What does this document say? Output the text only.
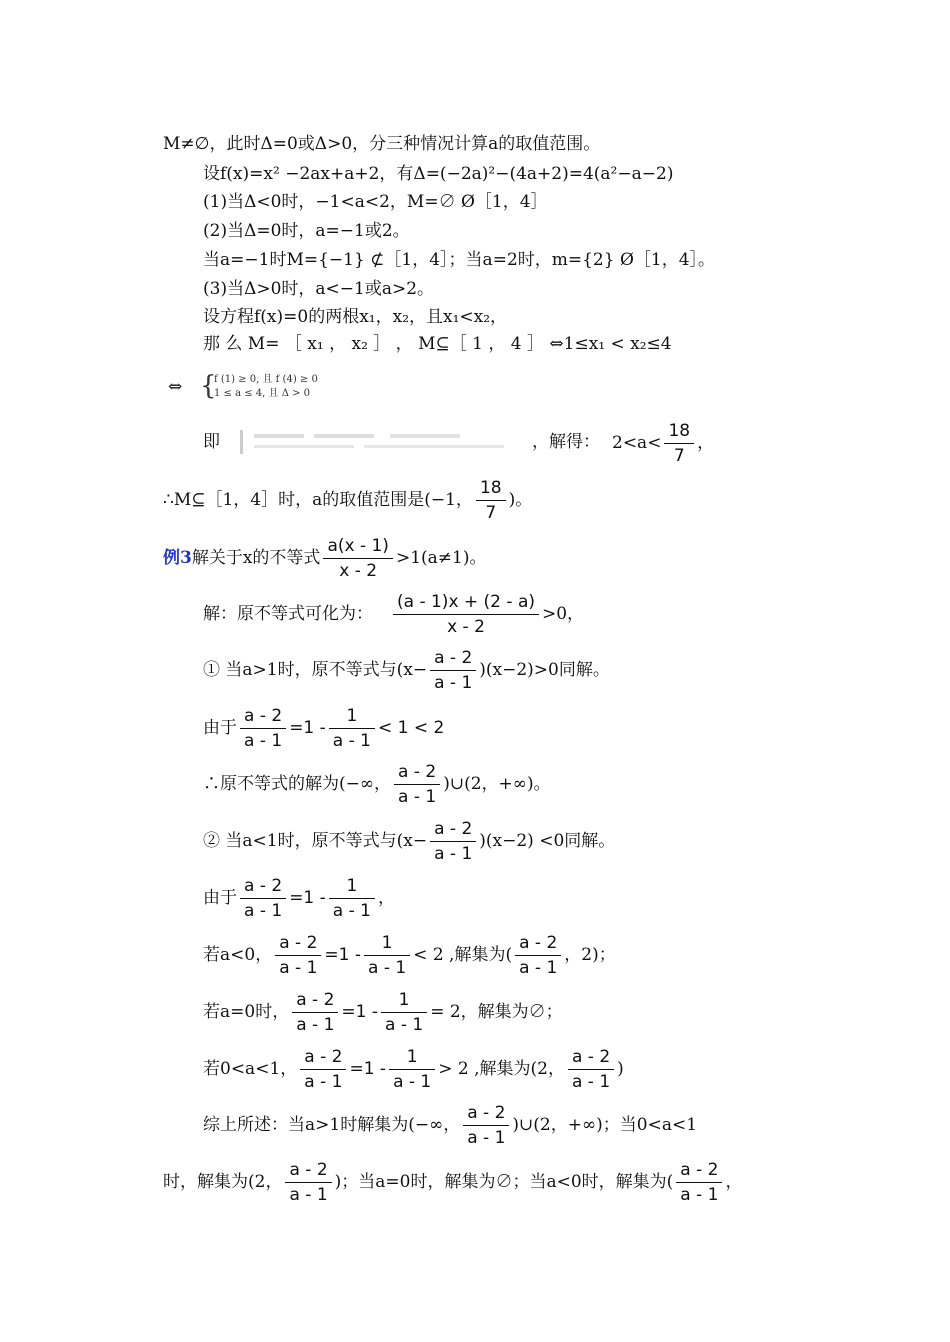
M≠∅，此时Δ=0或Δ>0，分三种情况计算a的取值范围。
设f(x)=x² −2ax+a+2，有Δ=(−2a)²−(4a+2)=4(a²−a−2)
(1)当Δ<0时，−1<a<2，M=∅ Ø［1，4］
(2)当Δ=0时，a=−1或2。
当a=−1时M={−1} ⊄［1，4］；当a=2时，m={2} Ø［1，4］。
(3)当Δ>0时，a<−1或a>2。
设方程f(x)=0的两根x₁，x₂，且x₁<x₂，
那 么 M= ［ x₁ ， x₂ ］ ， M⊆［ 1 ， 4 ］ ⇔1≤x₁ < x₂≤4
⇔ {
f (1) ≥ 0, 且 f (4) ≥ 0
1 ≤ a ≤ 4, 且 Δ > 0
即	，解得： $2<a< \frac{18}{7}$ ，
∴M⊆［1，4］时，a的取值范围是(−1， $\frac{18}{7}$ )。
例3解关于x的不等式 $\frac{a(x - 1)}{x - 2} >1(a\ne 1)$。
解：原不等式可化为： $\frac{(a - 1)x + (2 - a)}{x - 2} >0$，
① 当a>1时，原不等式与$(x- \frac{a - 2}{a - 1} )(x-2)>0$同解。
由于 $\frac{a - 2}{a - 1} =1 - \frac{1}{a - 1} < 1 < 2$
∴原不等式的解为(−∞， $\frac{a - 2}{a - 1}$ )∪(2，+∞)。
② 当a<1时，原不等式与$(x- \frac{a - 2}{a - 1} )(x-2) <0$同解。
由于 $\frac{a - 2}{a - 1} =1 - \frac{1}{a - 1}$ ，
若a<0， $\frac{a - 2}{a - 1} =1 - \frac{1}{a - 1} < 2$ ,解集为( $\frac{a - 2}{a - 1}$ ，2)；
若a=0时， $\frac{a - 2}{a - 1} =1 - \frac{1}{a - 1} = 2$，解集为∅；
若0<a<1， $\frac{a - 2}{a - 1} =1 - \frac{1}{a - 1} > 2$ ,解集为(2， $\frac{a - 2}{a - 1}$ )
综上所述：当a>1时解集为(−∞， $\frac{a - 2}{a - 1}$ )∪(2，+∞)；当0<a<1
时，解集为(2， $\frac{a - 2}{a - 1}$ )；当a=0时，解集为∅；当a<0时，解集为( $\frac{a - 2}{a - 1}$ ，
